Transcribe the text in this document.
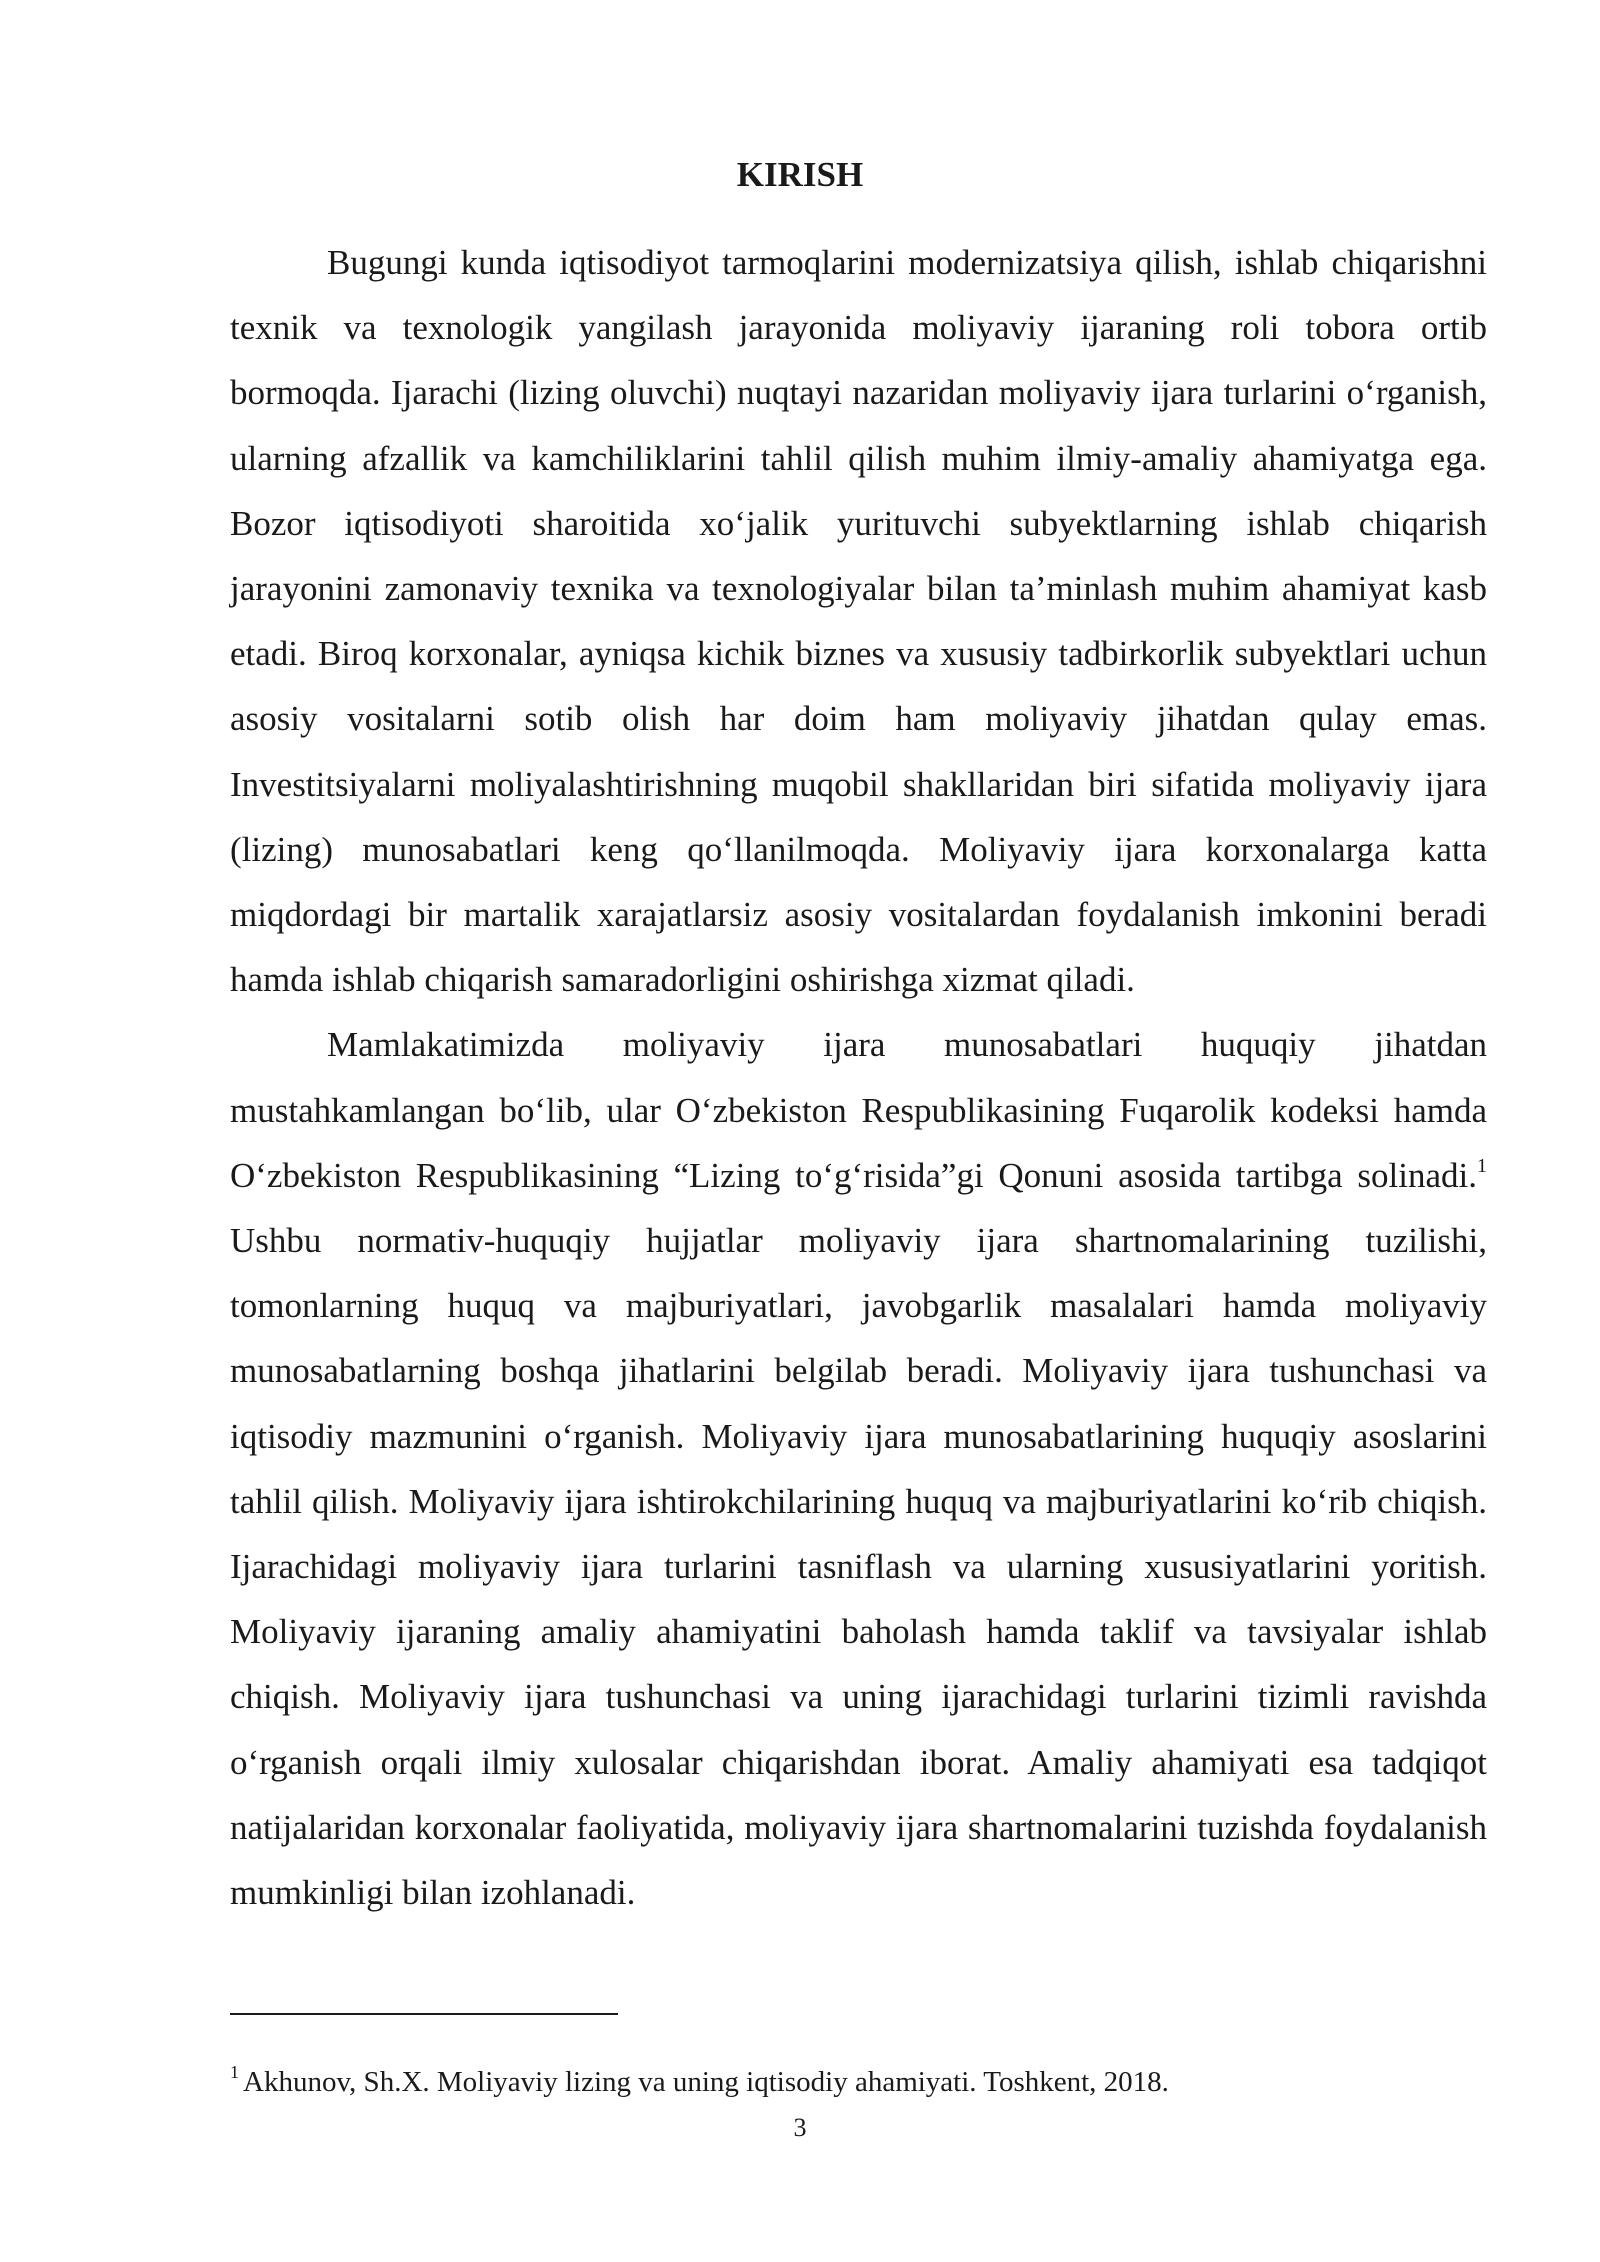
KIRISH

Bugungi kunda iqtisodiyot tarmoqlarini modernizatsiya qilish, ishlab chiqarishni texnik va texnologik yangilash jarayonida moliyaviy ijaraning roli tobora ortib bormoqda. Ijarachi (lizing oluvchi) nuqtayi nazaridan moliyaviy ijara turlarini o‘rganish, ularning afzallik va kamchiliklarini tahlil qilish muhim ilmiy-amaliy ahamiyatga ega. Bozor iqtisodiyoti sharoitida xo‘jalik yurituvchi subyektlarning ishlab chiqarish jarayonini zamonaviy texnika va texnologiyalar bilan ta’minlash muhim ahamiyat kasb etadi. Biroq korxonalar, ayniqsa kichik biznes va xususiy tadbirkorlik subyektlari uchun asosiy vositalarni sotib olish har doim ham moliyaviy jihatdan qulay emas. Investitsiyalarni moliyalashtirishning muqobil shakllaridan biri sifatida moliyaviy ijara (lizing) munosabatlari keng qo‘llanilmoqda. Moliyaviy ijara korxonalarga katta miqdordagi bir martalik xarajatlarsiz asosiy vositalardan foydalanish imkonini beradi hamda ishlab chiqarish samaradorligini oshirishga xizmat qiladi.

Mamlakatimizda moliyaviy ijara munosabatlari huquqiy jihatdan mustahkamlangan bo‘lib, ular O‘zbekiston Respublikasining Fuqarolik kodeksi hamda O‘zbekiston Respublikasining “Lizing to‘g‘risida”gi Qonuni asosida tartibga solinadi.$^1$ Ushbu normativ-huquqiy hujjatlar moliyaviy ijara shartnomalarining tuzilishi, tomonlarning huquq va majburiyatlari, javobgarlik masalalari hamda moliyaviy munosabatlarning boshqa jihatlarini belgilab beradi. Moliyaviy ijara tushunchasi va iqtisodiy mazmunini o‘rganish. Moliyaviy ijara munosabatlarining huquqiy asoslarini tahlil qilish. Moliyaviy ijara ishtirokchilarining huquq va majburiyatlarini ko‘rib chiqish. Ijarachidagi moliyaviy ijara turlarini tasniflash va ularning xususiyatlarini yoritish. Moliyaviy ijaraning amaliy ahamiyatini baholash hamda taklif va tavsiyalar ishlab chiqish. Moliyaviy ijara tushunchasi va uning ijarachidagi turlarini tizimli ravishda o‘rganish orqali ilmiy xulosalar chiqarishdan iborat. Amaliy ahamiyati esa tadqiqot natijalaridan korxonalar faoliyatida, moliyaviy ijara shartnomalarini tuzishda foydalanish mumkinligi bilan izohlanadi.

$^1$ Akhunov, Sh.X. Moliyaviy lizing va uning iqtisodiy ahamiyati. Toshkent, 2018.
3
